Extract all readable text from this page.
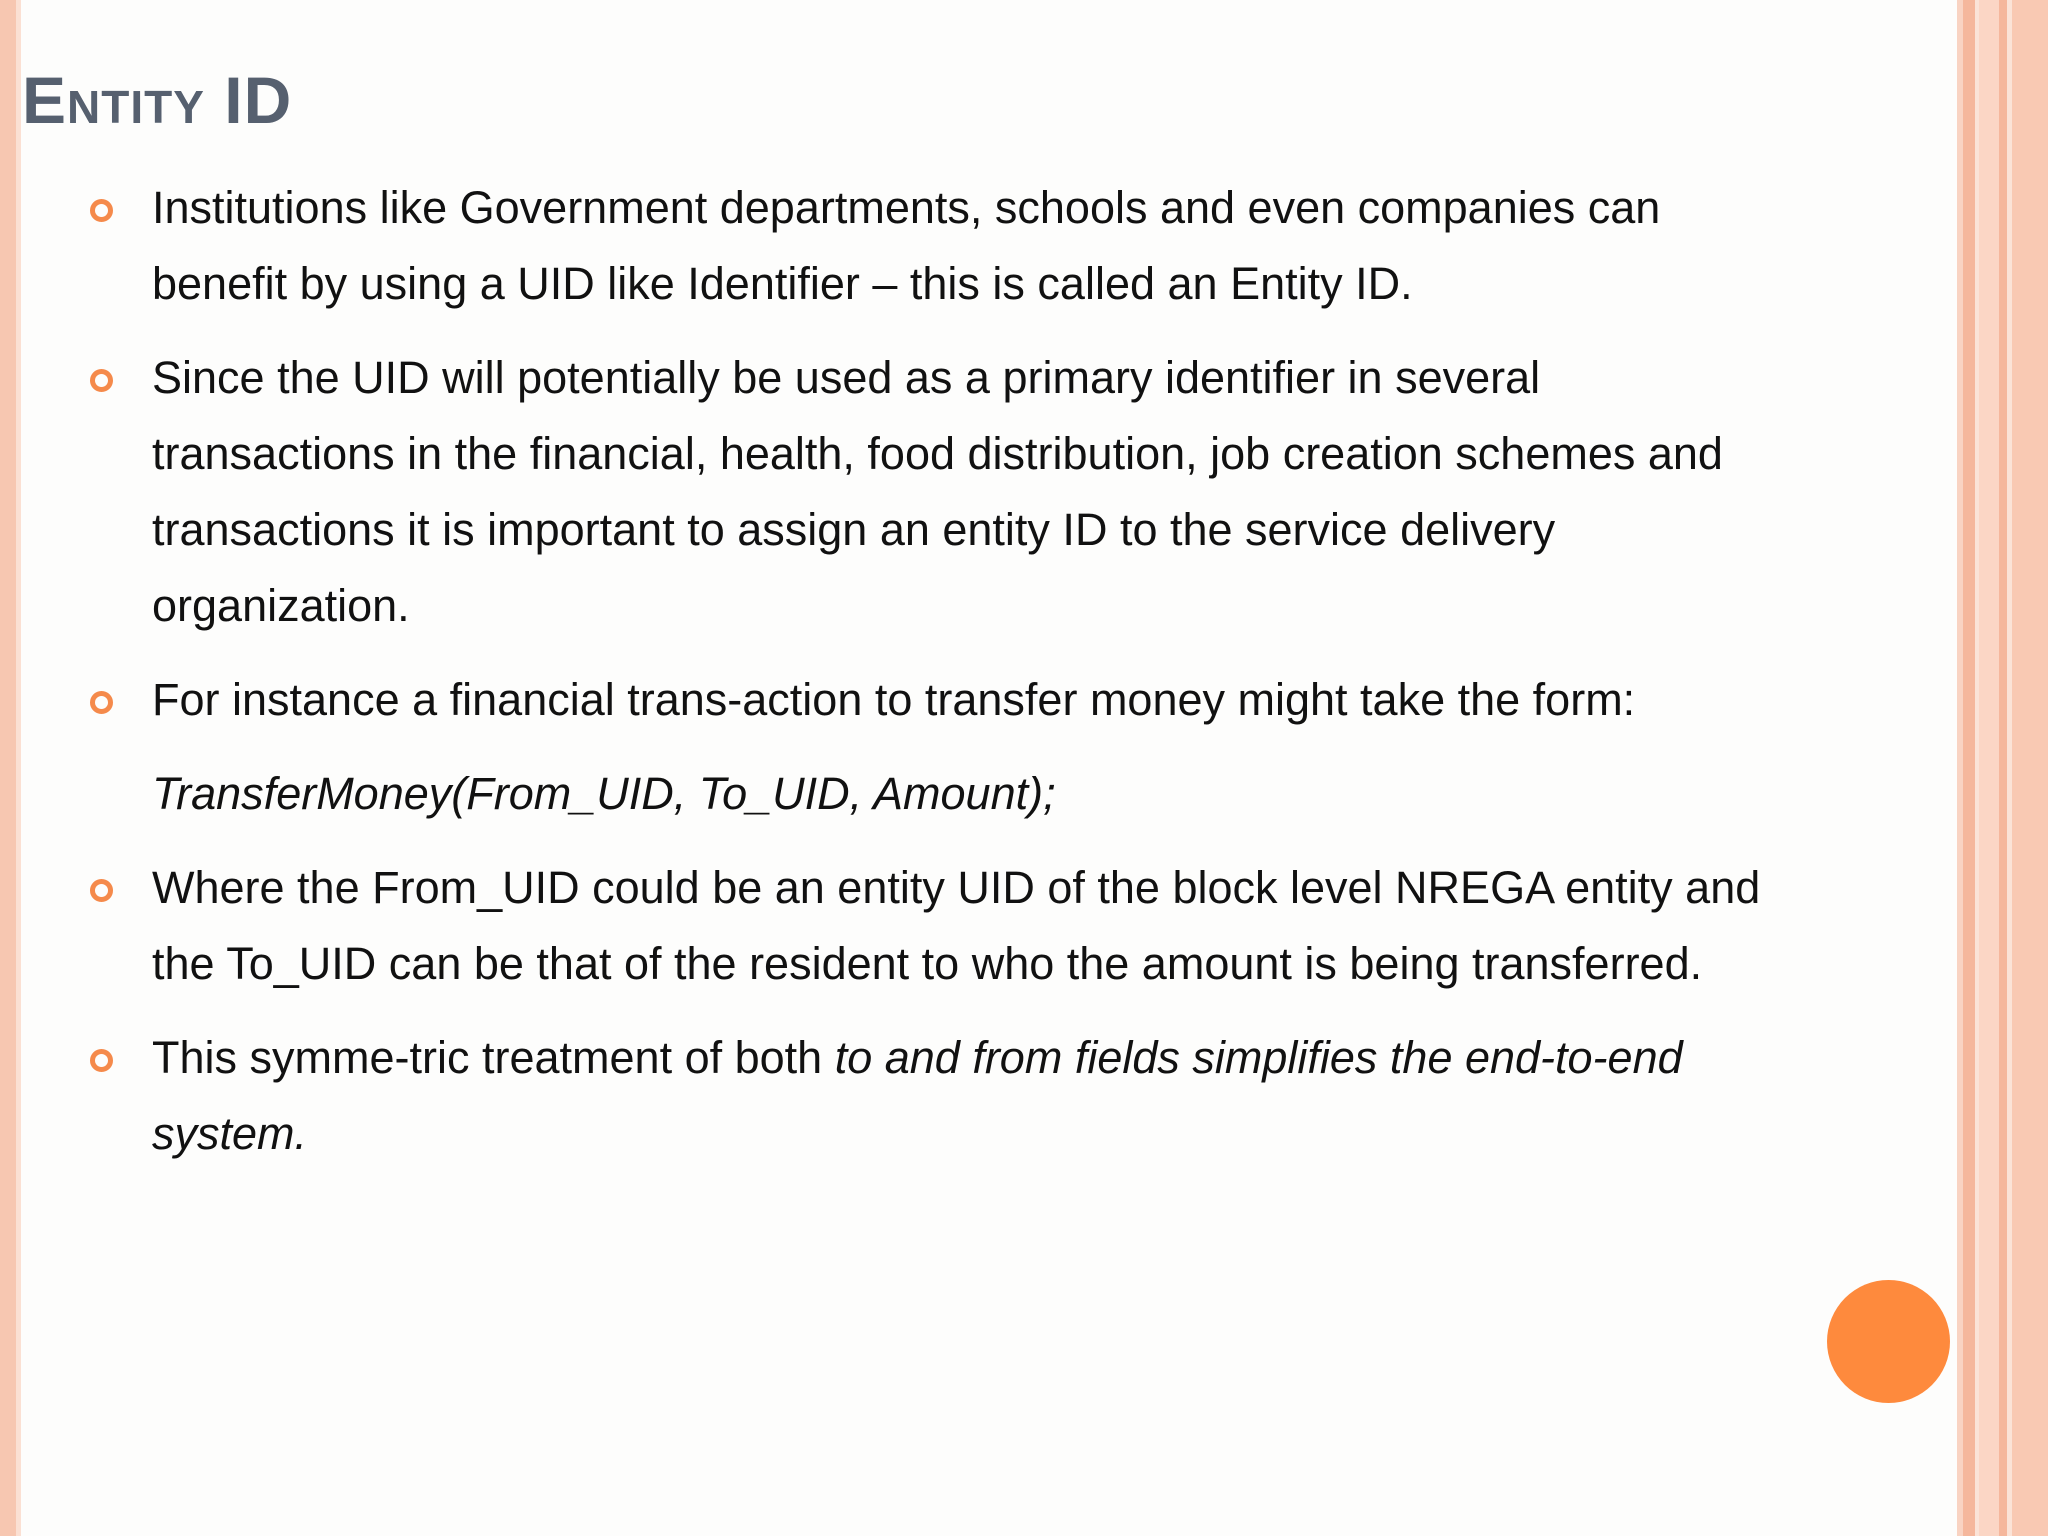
Entity ID
Institutions like Government departments, schools and even companies can benefit by using a UID like Identifier – this is called an Entity ID.
Since the UID will potentially be used as a primary identifier in several transactions in the financial, health, food distribution, job creation schemes and transactions it is important to assign an entity ID to the service delivery organization.
For instance a financial trans-action to transfer money might take the form:
TransferMoney(From_UID, To_UID, Amount);
Where the From_UID could be an entity UID of the block level NREGA entity and the To_UID can be that of the resident to who the amount is being transferred.
This symme-tric treatment of both to and from fields simplifies the end-to-end system.
